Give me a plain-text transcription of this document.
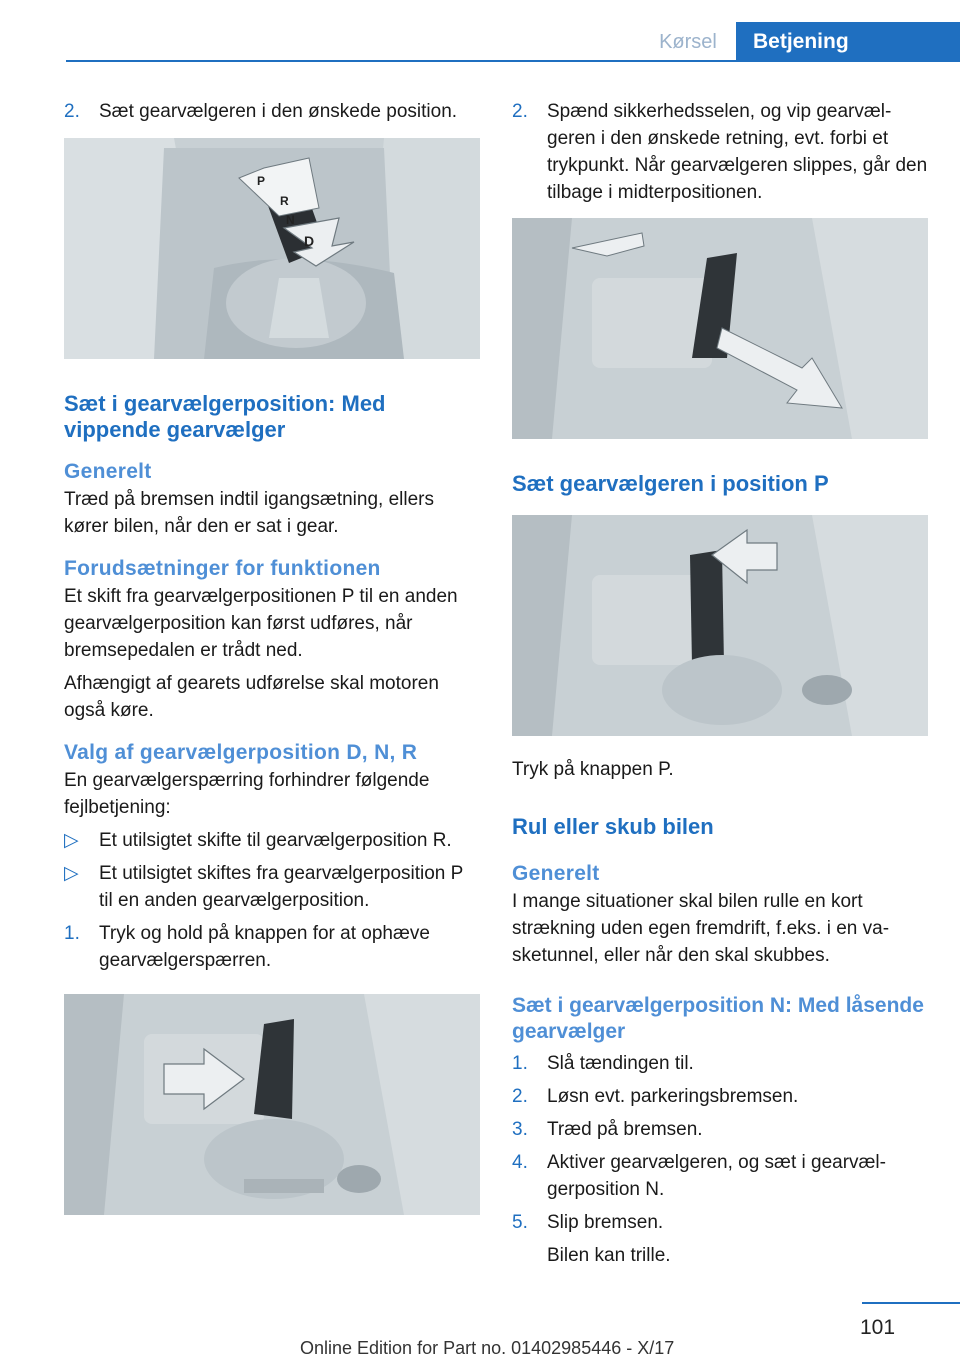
Kørsel	Betjening
2. Sæt gearvælgeren i den ønskede position.
P
R
N
D
Sæt i gearvælgerposition: Med vippende gearvælger
Generelt

Træd på bremsen indtil igangsætning, ellers kører bilen, når den er sat i gear.

Forudsætninger for funktionen

Et skift fra gearvælgerpositionen P til en anden gearvælgerposition kan først udføres, når bremsepedalen er trådt ned.

Afhængigt af gearets udførelse skal motoren også køre.

Valg af gearvælgerposition D, N, R

En gearvælgerspærring forhindrer følgende fejlbetjening:

▷ Et utilsigtet skifte til gearvælgerposition R.
▷ Et utilsigtet skiftes fra gearvælgerposition P til en anden gearvælgerposition.
1. Tryk og hold på knappen for at ophæve gearvælgerspærren.
2. Spænd sikkerhedsselen, og vip gearvælgeren i den ønskede retning, evt. forbi et trykpunkt. Når gearvælgeren slippes, går den tilbage i midterpositionen.
Sæt gearvælgeren i position P

Tryk på knappen P.

Rul eller skub bilen
Generelt

I mange situationer skal bilen rulle en kort strækning uden egen fremdrift, f.eks. i en vasketunnel, eller når den skal skubbes.

Sæt i gearvælgerposition N: Med låsende gearvælger
1. Slå tændingen til.
2. Løsn evt. parkeringsbremsen.
3. Træd på bremsen.
4. Aktiver gearvælgeren, og sæt i gearvælgerposition N.
5. Slip bremsen.

Bilen kan trille.

101
Online Edition for Part no. 01402985446 - X/17
